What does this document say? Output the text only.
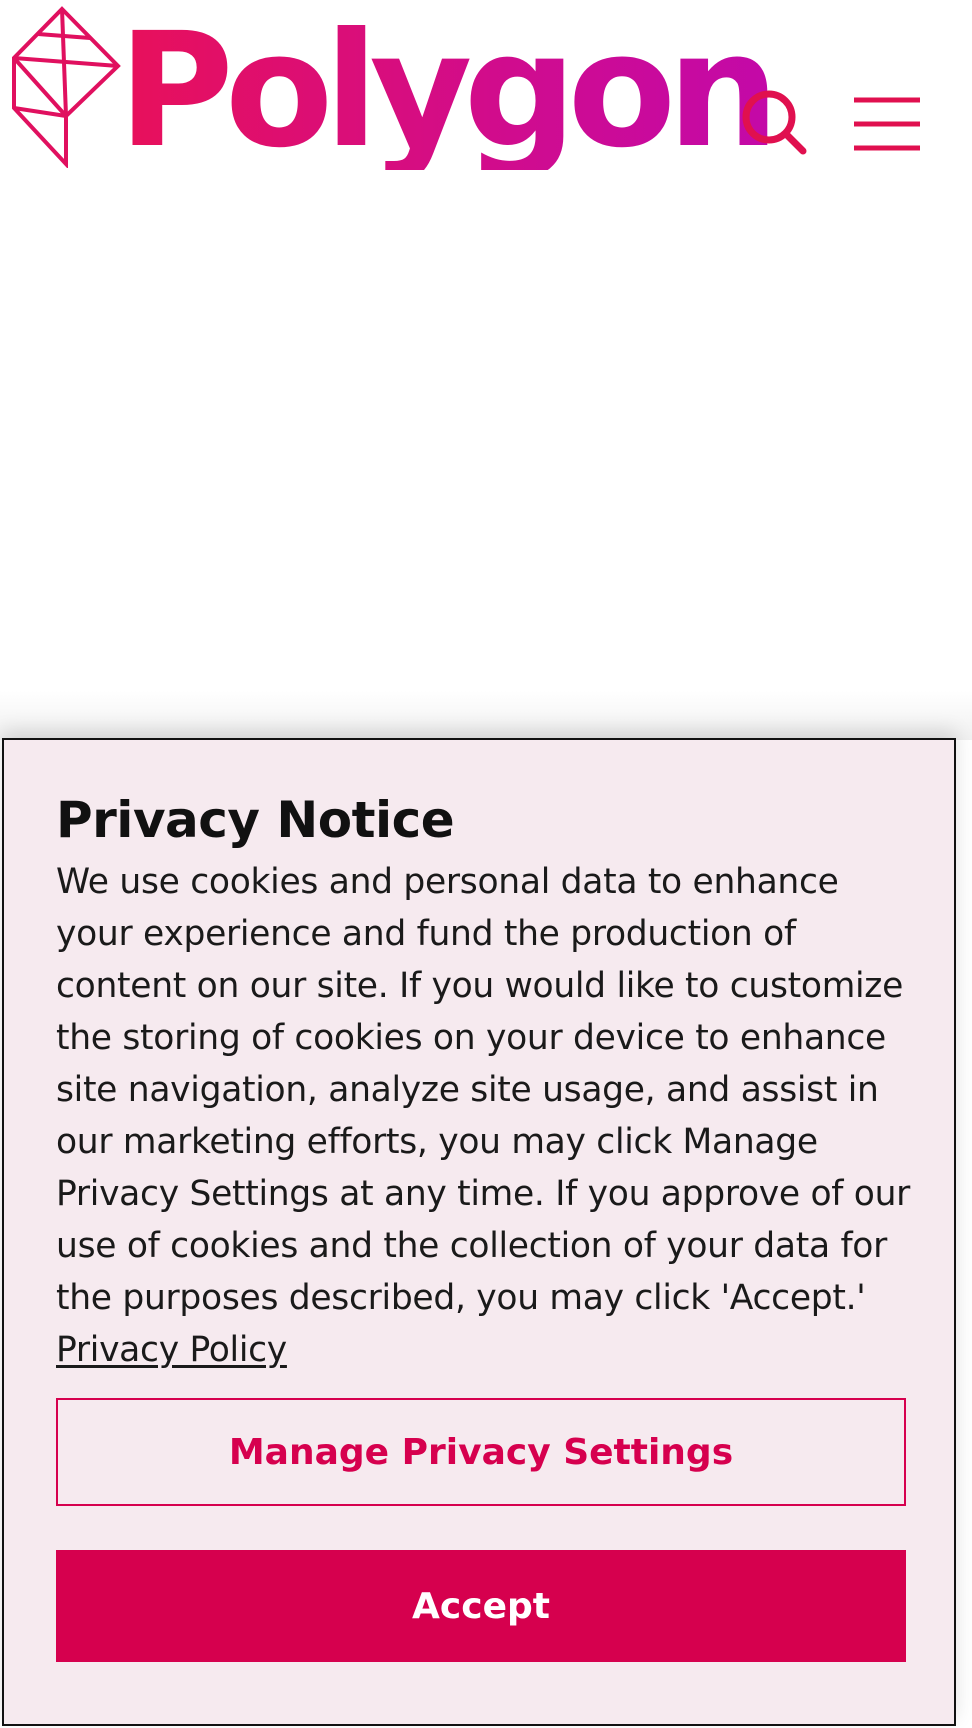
Polygon
Privacy Notice

We use cookies and personal data to enhance your experience and fund the production of content on our site. If you would like to customize the storing of cookies on your device to enhance site navigation, analyze site usage, and assist in our marketing efforts, you may click Manage Privacy Settings at any time. If you approve of our use of cookies and the collection of your data for the purposes described, you may click 'Accept.' Privacy Policy

Manage Privacy Settings
Accept
